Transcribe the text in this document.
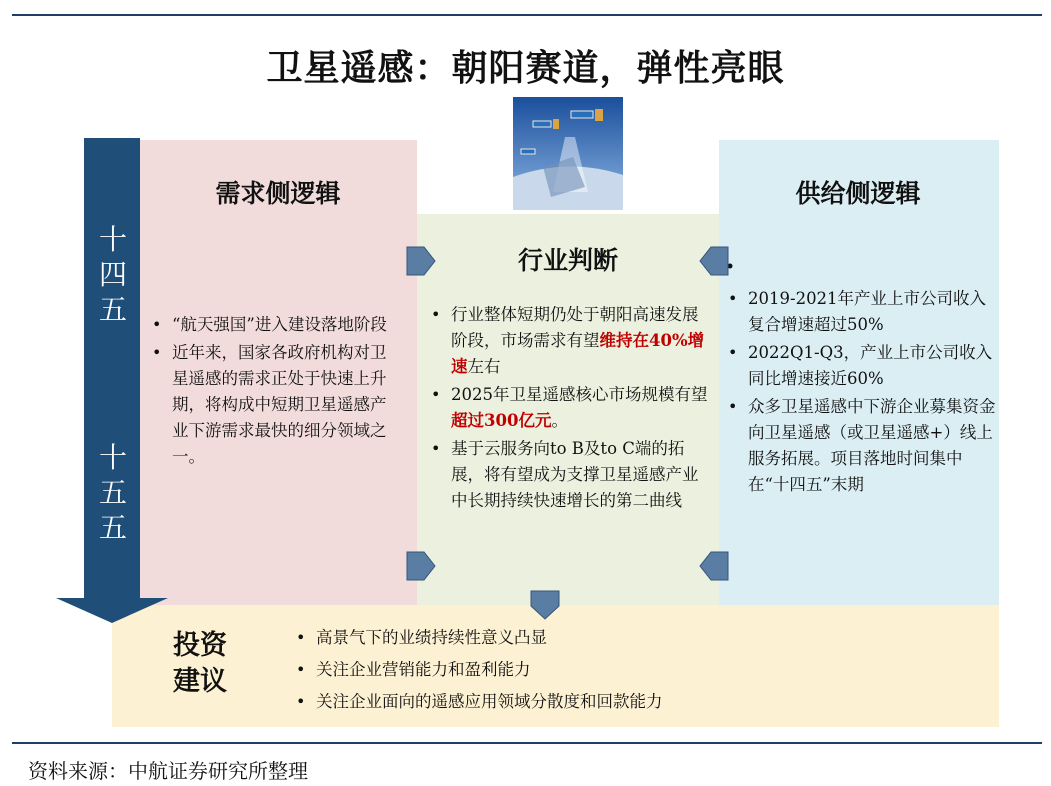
卫星遥感：朝阳赛道，弹性亮眼
十四五
十五五
需求侧逻辑
• “航天强国”进入建设落地阶段
• 近年来，国家各政府机构对卫星遥感的需求正处于快速上升期，将构成中短期卫星遥感产业下游需求最快的细分领域之一。
行业判断
• 行业整体短期仍处于朝阳高速发展阶段，市场需求有望维持在40%增速左右
• 2025年卫星遥感核心市场规模有望超过300亿元。
• 基于云服务向to B及to C端的拓展，将有望成为支撑卫星遥感产业中长期持续快速增长的第二曲线
供给侧逻辑
• 2019-2021年产业上市公司收入复合增速超过50%
• 2022Q1-Q3，产业上市公司收入同比增速接近60%
• 众多卫星遥感中下游企业募集资金向卫星遥感（或卫星遥感+）线上服务拓展。项目落地时间集中在“十四五”末期
投资
建议
• 高景气下的业绩持续性意义凸显
• 关注企业营销能力和盈利能力
• 关注企业面向的遥感应用领域分散度和回款能力
资料来源：中航证券研究所整理
